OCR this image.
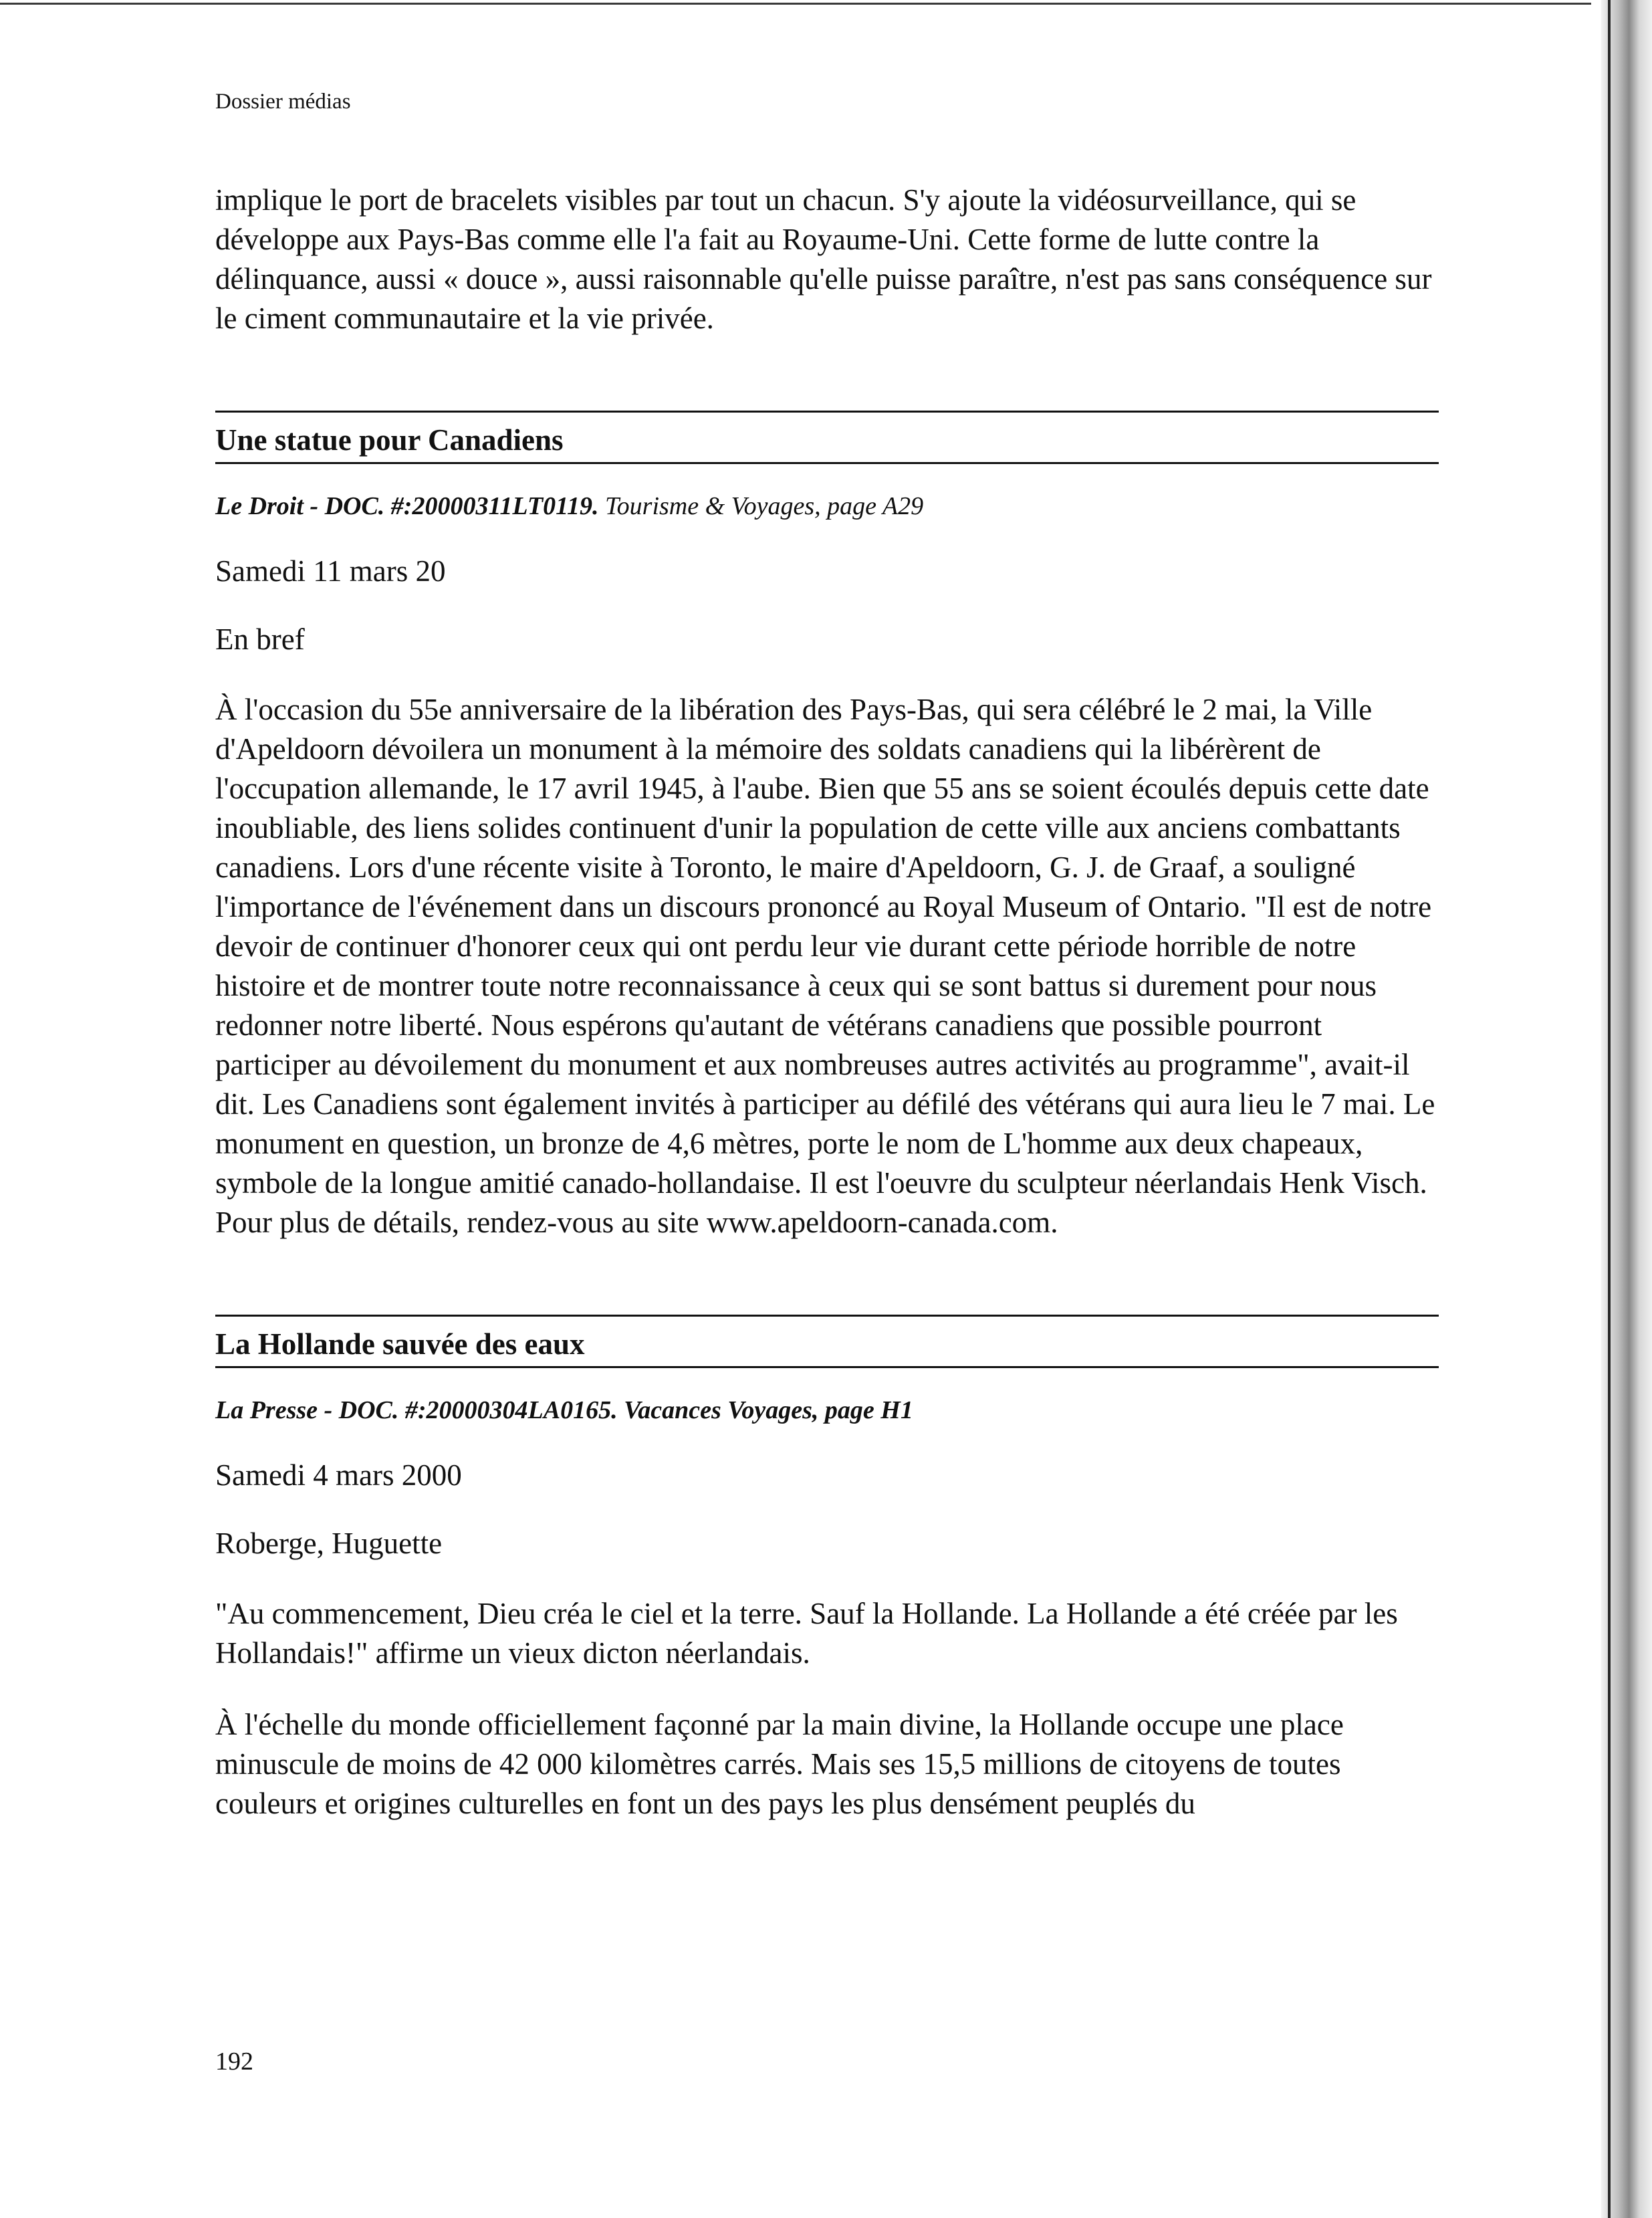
Dossier médias

implique le port de bracelets visibles par tout un chacun. S'y ajoute la vidéosurveillance, qui se développe aux Pays-Bas comme elle l'a fait au Royaume-Uni. Cette forme de lutte contre la délinquance, aussi « douce », aussi raisonnable qu'elle puisse paraître, n'est pas sans conséquence sur le ciment communautaire et la vie privée.

Une statue pour Canadiens

Le Droit - DOC. #:20000311LT0119. Tourisme & Voyages, page A29

Samedi 11 mars 20

En bref

À l'occasion du 55e anniversaire de la libération des Pays-Bas, qui sera célébré le 2 mai, la Ville d'Apeldoorn dévoilera un monument à la mémoire des soldats canadiens qui la libérèrent de l'occupation allemande, le 17 avril 1945, à l'aube. Bien que 55 ans se soient écoulés depuis cette date inoubliable, des liens solides continuent d'unir la population de cette ville aux anciens combattants canadiens. Lors d'une récente visite à Toronto, le maire d'Apeldoorn, G. J. de Graaf, a souligné l'importance de l'événement dans un discours prononcé au Royal Museum of Ontario. "Il est de notre devoir de continuer d'honorer ceux qui ont perdu leur vie durant cette période horrible de notre histoire et de montrer toute notre reconnaissance à ceux qui se sont battus si durement pour nous redonner notre liberté. Nous espérons qu'autant de vétérans canadiens que possible pourront participer au dévoilement du monument et aux nombreuses autres activités au programme", avait-il dit. Les Canadiens sont également invités à participer au défilé des vétérans qui aura lieu le 7 mai. Le monument en question, un bronze de 4,6 mètres, porte le nom de L'homme aux deux chapeaux, symbole de la longue amitié canado-hollandaise. Il est l'oeuvre du sculpteur néerlandais Henk Visch. Pour plus de détails, rendez-vous au site www.apeldoorn-canada.com.

La Hollande sauvée des eaux

La Presse - DOC. #:20000304LA0165. Vacances Voyages, page H1

Samedi 4 mars 2000

Roberge, Huguette

"Au commencement, Dieu créa le ciel et la terre. Sauf la Hollande. La Hollande a été créée par les Hollandais!" affirme un vieux dicton néerlandais.

À l'échelle du monde officiellement façonné par la main divine, la Hollande occupe une place minuscule de moins de 42 000 kilomètres carrés. Mais ses 15,5 millions de citoyens de toutes couleurs et origines culturelles en font un des pays les plus densément peuplés du

192
